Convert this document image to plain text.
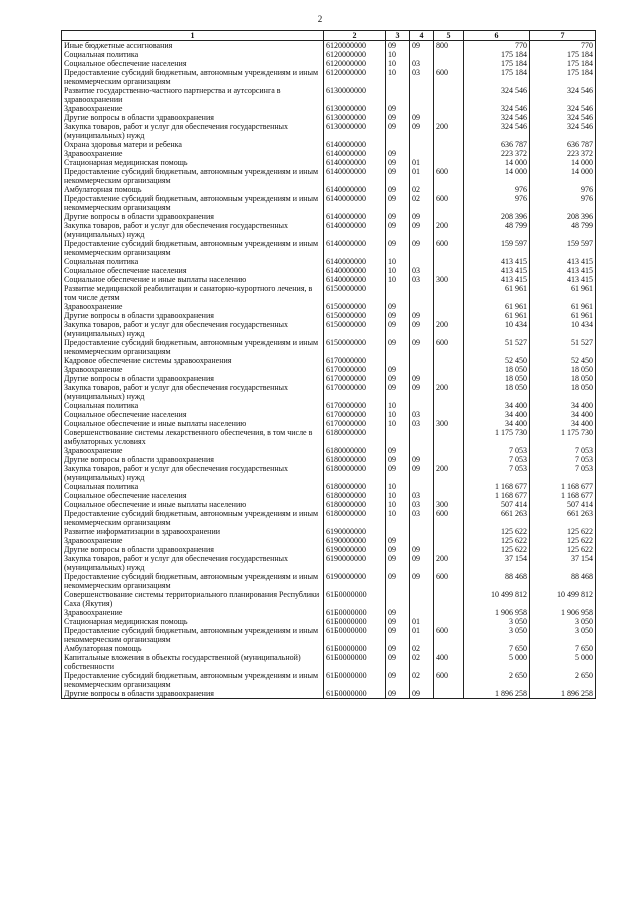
2
1	2	3	4	5	6	7
Иные бюджетные ассигнования	6120000000	09	09	800	770	770
Социальная политика	6120000000	10			175 184	175 184
Социальное обеспечение населения	6120000000	10	03		175 184	175 184
Предоставление субсидий бюджетным, автономным учреждениям и иным некоммерческим организациям	6120000000	10	03	600	175 184	175 184
Развитие государственно-частного партнерства и аутсорсинга в здравоохранении	6130000000				324 546	324 546
Здравоохранение	6130000000	09			324 546	324 546
Другие вопросы в области здравоохранения	6130000000	09	09		324 546	324 546
Закупка товаров, работ и услуг для обеспечения государственных (муниципальных) нужд	6130000000	09	09	200	324 546	324 546
Охрана здоровья матери и ребенка	6140000000				636 787	636 787
Здравоохранение	6140000000	09			223 372	223 372
Стационарная медицинская помощь	6140000000	09	01		14 000	14 000
Предоставление субсидий бюджетным, автономным учреждениям и иным некоммерческим организациям	6140000000	09	01	600	14 000	14 000
Амбулаторная помощь	6140000000	09	02		976	976
Предоставление субсидий бюджетным, автономным учреждениям и иным некоммерческим организациям	6140000000	09	02	600	976	976
Другие вопросы в области здравоохранения	6140000000	09	09		208 396	208 396
Закупка товаров, работ и услуг для обеспечения государственных (муниципальных) нужд	6140000000	09	09	200	48 799	48 799
Предоставление субсидий бюджетным, автономным учреждениям и иным некоммерческим организациям	6140000000	09	09	600	159 597	159 597
Социальная политика	6140000000	10			413 415	413 415
Социальное обеспечение населения	6140000000	10	03		413 415	413 415
Социальное обеспечение и иные выплаты населению	6140000000	10	03	300	413 415	413 415
Развитие медицинской реабилитации и санаторно-курортного лечения, в том числе детям	6150000000				61 961	61 961
Здравоохранение	6150000000	09			61 961	61 961
Другие вопросы в области здравоохранения	6150000000	09	09		61 961	61 961
Закупка товаров, работ и услуг для обеспечения государственных (муниципальных) нужд	6150000000	09	09	200	10 434	10 434
Предоставление субсидий бюджетным, автономным учреждениям и иным некоммерческим организациям	6150000000	09	09	600	51 527	51 527
Кадровое обеспечение системы здравоохранения	6170000000				52 450	52 450
Здравоохранение	6170000000	09			18 050	18 050
Другие вопросы в области здравоохранения	6170000000	09	09		18 050	18 050
Закупка товаров, работ и услуг для обеспечения государственных (муниципальных) нужд	6170000000	09	09	200	18 050	18 050
Социальная политика	6170000000	10			34 400	34 400
Социальное обеспечение населения	6170000000	10	03		34 400	34 400
Социальное обеспечение и иные выплаты населению	6170000000	10	03	300	34 400	34 400
Совершенствование системы лекарственного обеспечения, в том числе в амбулаторных условиях	6180000000				1 175 730	1 175 730
Здравоохранение	6180000000	09			7 053	7 053
Другие вопросы в области здравоохранения	6180000000	09	09		7 053	7 053
Закупка товаров, работ и услуг для обеспечения государственных (муниципальных) нужд	6180000000	09	09	200	7 053	7 053
Социальная политика	6180000000	10			1 168 677	1 168 677
Социальное обеспечение населения	6180000000	10	03		1 168 677	1 168 677
Социальное обеспечение и иные выплаты населению	6180000000	10	03	300	507 414	507 414
Предоставление субсидий бюджетным, автономным учреждениям и иным некоммерческим организациям	6180000000	10	03	600	661 263	661 263
Развитие информатизации в здравоохранении	6190000000				125 622	125 622
Здравоохранение	6190000000	09			125 622	125 622
Другие вопросы в области здравоохранения	6190000000	09	09		125 622	125 622
Закупка товаров, работ и услуг для обеспечения государственных (муниципальных) нужд	6190000000	09	09	200	37 154	37 154
Предоставление субсидий бюджетным, автономным учреждениям и иным некоммерческим организациям	6190000000	09	09	600	88 468	88 468
Совершенствование системы территориального планирования Республики Саха (Якутия)	61Б0000000				10 499 812	10 499 812
Здравоохранение	61Б0000000	09			1 906 958	1 906 958
Стационарная медицинская помощь	61Б0000000	09	01		3 050	3 050
Предоставление субсидий бюджетным, автономным учреждениям и иным некоммерческим организациям	61Б0000000	09	01	600	3 050	3 050
Амбулаторная помощь	61Б0000000	09	02		7 650	7 650
Капитальные вложения в объекты государственной (муниципальной) собственности	61Б0000000	09	02	400	5 000	5 000
Предоставление субсидий бюджетным, автономным учреждениям и иным некоммерческим организациям	61Б0000000	09	02	600	2 650	2 650
Другие вопросы в области здравоохранения	61Б0000000	09	09		1 896 258	1 896 258
